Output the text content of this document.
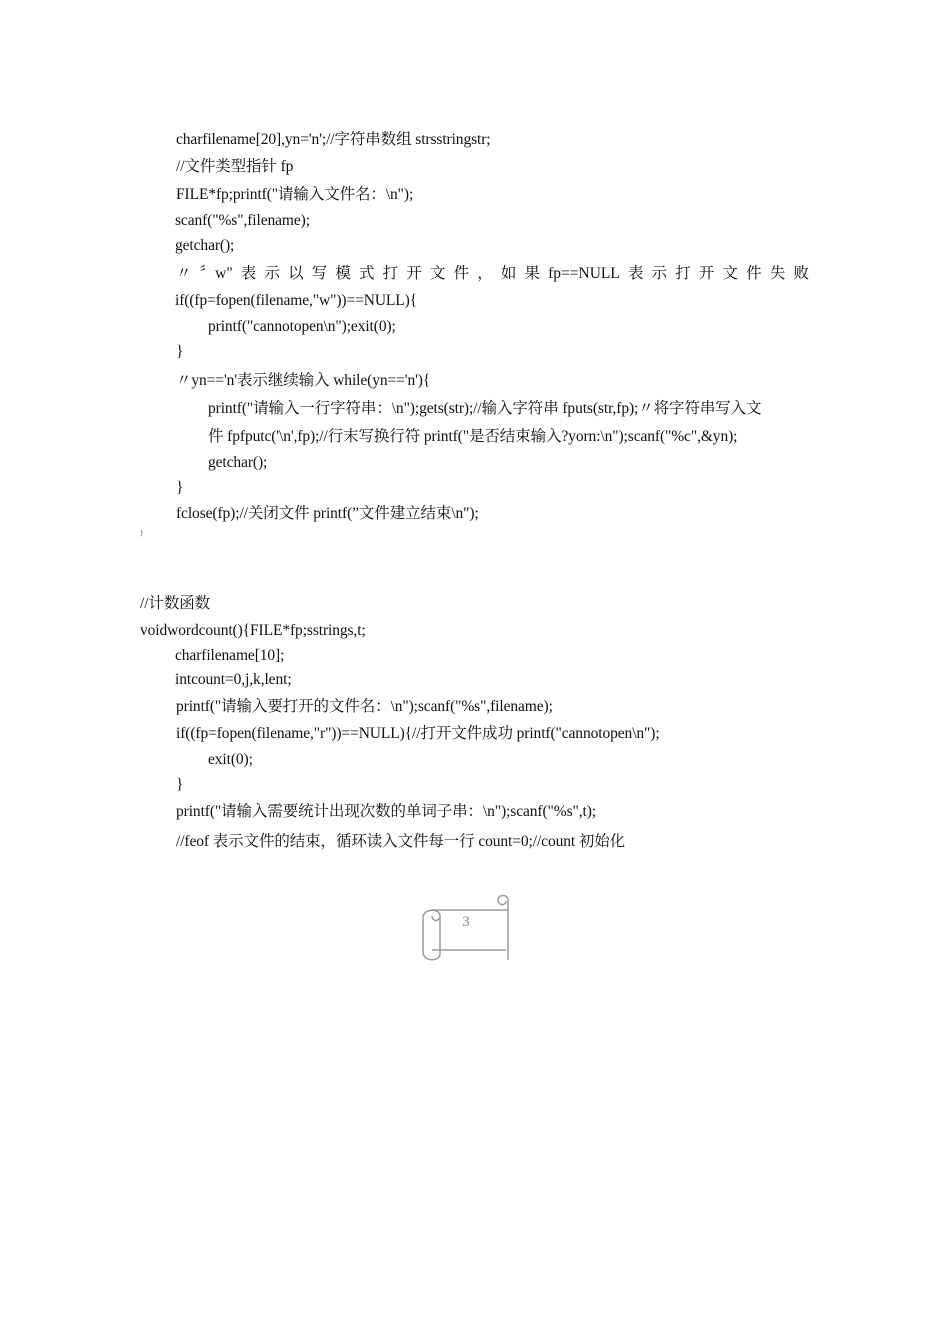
charfilename[20],yn='n';//字符串数组 strsstringstr;
//文件类型指针 fp
FILE*fp;printf("请输入文件名：\n");
scanf("%s",filename);
getchar();
〃 〞w" 表 示 以 写 模 式 打 开 文 件 ， 如 果 fp==NULL 表 示 打 开 文 件 失 败
if((fp=fopen(filename,"w"))==NULL){
printf("cannotopen\n");exit(0);
}
〃yn=='n'表示继续输入 while(yn=='n'){
printf("请输入一行字符串：\n");gets(str);//输入字符串 fputs(str,fp);〃将字符串写入文
件 fpfputc('\n',fp);//行末写换行符 printf("是否结束输入?yorn:\n");scanf("%c",&yn);
getchar();
}
fclose(fp);//关闭文件 printf(”文件建立结束\n");
}
//计数函数
voidwordcount(){FILE*fp;sstrings,t;
charfilename[10];
intcount=0,j,k,lent;
printf("请输入要打开的文件名：\n");scanf("%s",filename);
if((fp=fopen(filename,"r"))==NULL){//打开文件成功 printf("cannotopen\n");
exit(0);
}
printf("请输入需要统计出现次数的单词子串：\n");scanf("%s",t);
//feof 表示文件的结束，循环读入文件每一行 count=0;//count 初始化
3
